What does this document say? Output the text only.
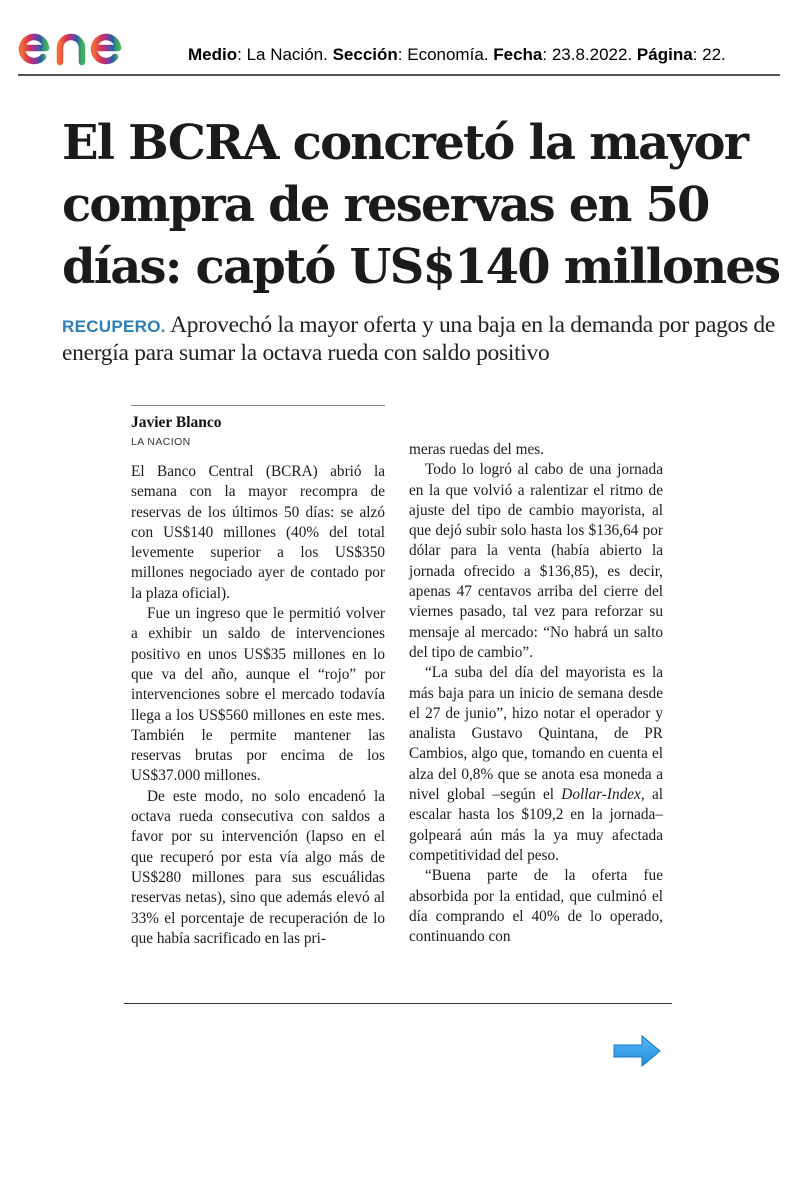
Medio: La Nación. Sección: Economía. Fecha: 23.8.2022. Página: 22.
El BCRA concretó la mayor compra de reservas en 50 días: captó US$140 millones

RECUPERO. Aprovechó la mayor oferta y una baja en la demanda por pagos de energía para sumar la octava rueda con saldo positivo

Javier Blanco
LA NACION

El Banco Central (BCRA) abrió la semana con la mayor recompra de reservas de los últimos 50 días: se alzó con US$140 millones (40% del total levemente superior a los US$350 millones negociado ayer de contado por la plaza oficial).

Fue un ingreso que le permitió volver a exhibir un saldo de intervenciones positivo en unos US$35 millones en lo que va del año, aunque el “rojo” por intervenciones sobre el mercado todavía llega a los US$560 millones en este mes. También le permite mantener las reservas brutas por encima de los US$37.000 millones.

De este modo, no solo encadenó la octava rueda consecutiva con saldos a favor por su intervención (lapso en el que recuperó por esta vía algo más de US$280 millones para sus escuálidas reservas netas), sino que además elevó al 33% el porcentaje de recuperación de lo que había sacrificado en las pri-

meras ruedas del mes.

Todo lo logró al cabo de una jornada en la que volvió a ralentizar el ritmo de ajuste del tipo de cambio mayorista, al que dejó subir solo hasta los $136,64 por dólar para la venta (había abierto la jornada ofrecido a $136,85), es decir, apenas 47 centavos arriba del cierre del viernes pasado, tal vez para reforzar su mensaje al mercado: “No habrá un salto del tipo de cambio”.

“La suba del día del mayorista es la más baja para un inicio de semana desde el 27 de junio”, hizo notar el operador y analista Gustavo Quintana, de PR Cambios, algo que, tomando en cuenta el alza del 0,8% que se anota esa moneda a nivel global –según el Dollar-Index, al escalar hasta los $109,2 en la jornada– golpeará aún más la ya muy afectada competitividad del peso.

“Buena parte de la oferta fue absorbida por la entidad, que culminó el día comprando el 40% de lo operado, continuando con
